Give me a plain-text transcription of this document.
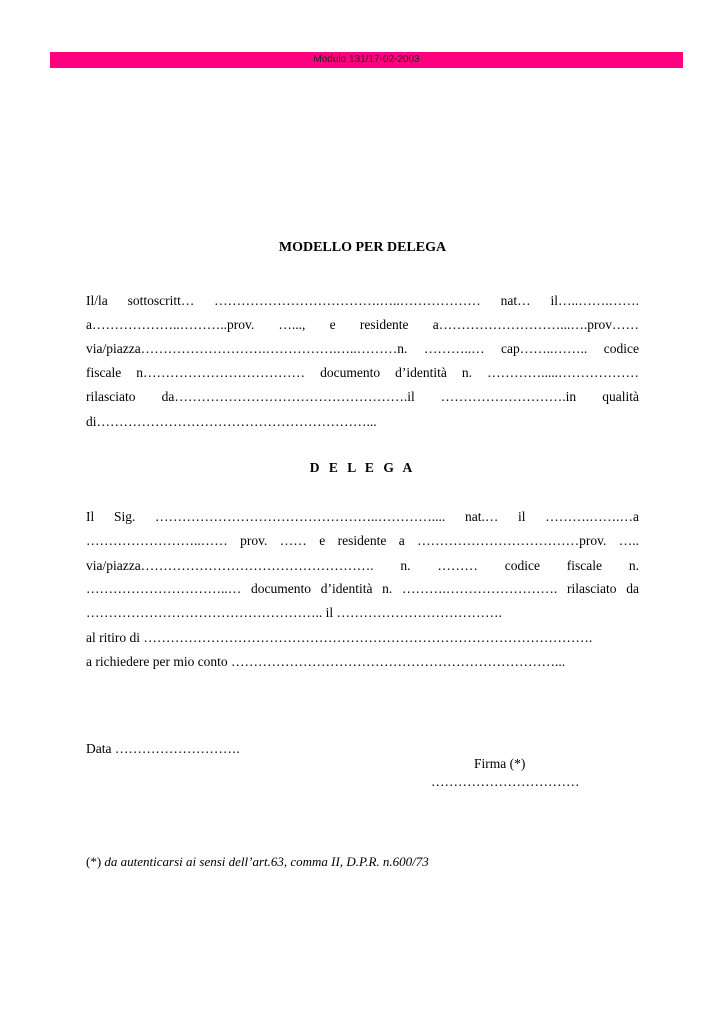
Modulo 131/17-02-2003
MODELLO PER DELEGA
Il/la sottoscritt… ……………………………….…..……………… nat… il…..…….…….
a………………..………..prov. …..., e residente a………………………...….prov……
via/piazza……………………….…………….…..………n. ………..… cap……..…….. codice
fiscale n……………………………… documento d’identità n. ………….....………………
rilasciato da…………………………………………….il ……………………….in qualità
di……………………………………………………...
D E L E G A
Il Sig. …………………………………………..………….... nat.… il ……….…….…a
……………………..…… prov. …… e residente a ………………………………prov. …..
via/piazza……………………………………………. n. ……… codice fiscale n.
…………………………..… documento d’identità n. ……….……………………. rilasciato da
…………………………………………….. il ……………………………….
al ritiro di ……………………………………………………………………………………….
a richiedere per mio conto ………………………………………………………………...
Data ……………………….
Firma (*)
……………………………
(*) da autenticarsi ai sensi dell’art.63, comma II, D.P.R. n.600/73
